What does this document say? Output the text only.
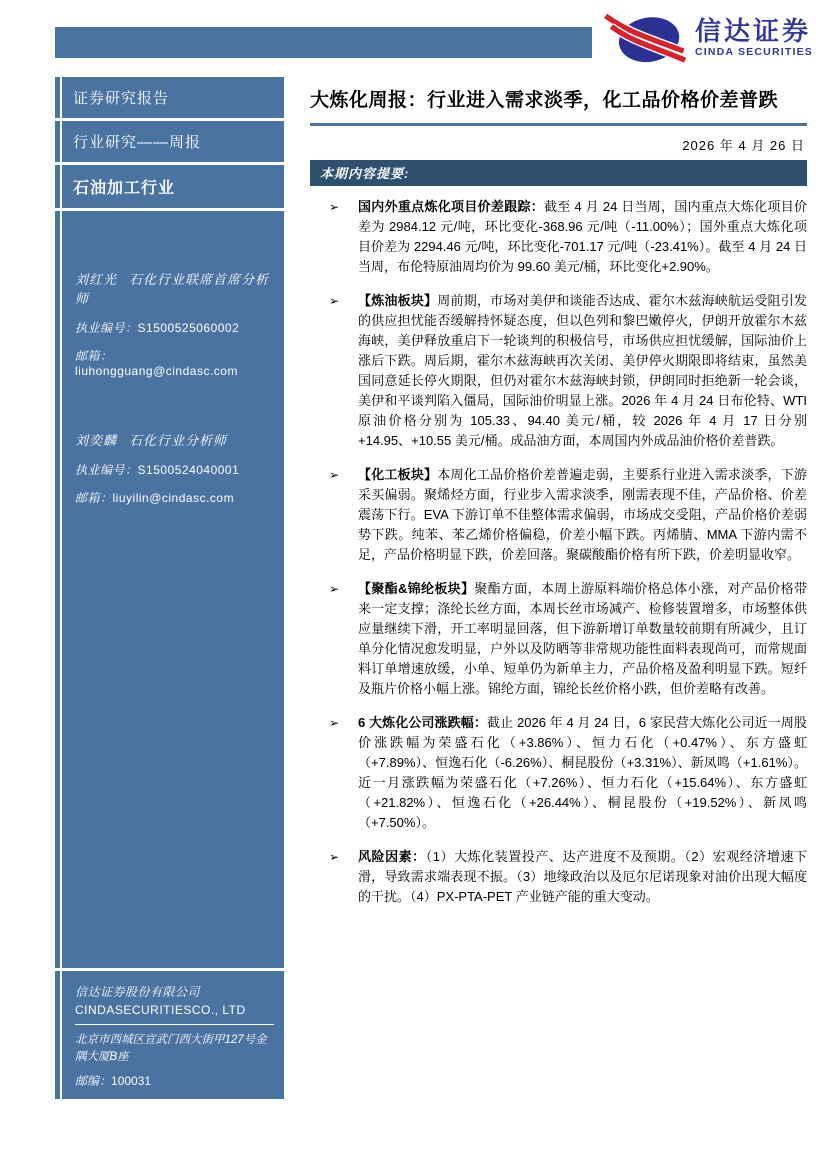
信达证券
CINDA SECURITIES
证券研究报告
行业研究——周报
石油加工行业
刘红光 石化行业联席首席分析师
执业编号：S1500525060002
邮箱：liuhongguang@cindasc.com
刘奕麟 石化行业分析师
执业编号：S1500524040001
邮箱：liuyilin@cindasc.com
信达证券股份有限公司
CINDASECURITIESCO., LTD
北京市西城区宣武门西大街甲127号金隅大厦B座
邮编：100031
大炼化周报：行业进入需求淡季，化工品价格价差普跌
2026 年 4 月 26 日
本期内容提要:
➢	国内外重点炼化项目价差跟踪：截至 4 月 24 日当周，国内重点大炼化项目价差为 2984.12 元/吨，环比变化-368.96 元/吨（-11.00%）；国外重点大炼化项目价差为 2294.46 元/吨，环比变化-701.17 元/吨（-23.41%）。截至 4 月 24 日当周，布伦特原油周均价为 99.60 美元/桶，环比变化+2.90%。

➢	【炼油板块】周前期，市场对美伊和谈能否达成、霍尔木兹海峡航运受阻引发的供应担忧能否缓解持怀疑态度，但以色列和黎巴嫩停火，伊朗开放霍尔木兹海峡，美伊释放重启下一轮谈判的积极信号，市场供应担忧缓解，国际油价上涨后下跌。周后期，霍尔木兹海峡再次关闭、美伊停火期限即将结束，虽然美国同意延长停火期限，但仍对霍尔木兹海峡封锁，伊朗同时拒绝新一轮会谈，美伊和平谈判陷入僵局，国际油价明显上涨。2026 年 4 月 24 日布伦特、WTI 原油价格分别为 105.33、94.40 美元/桶，较 2026 年 4 月 17 日分别+14.95、+10.55 美元/桶。成品油方面，本周国内外成品油价格价差普跌。

➢	【化工板块】本周化工品价格价差普遍走弱，主要系行业进入需求淡季，下游采买偏弱。聚烯烃方面，行业步入需求淡季，刚需表现不佳，产品价格、价差震荡下行。EVA 下游订单不佳整体需求偏弱，市场成交受阻，产品价格价差弱势下跌。纯苯、苯乙烯价格偏稳，价差小幅下跌。丙烯腈、MMA 下游内需不足，产品价格明显下跌，价差回落。聚碳酸酯价格有所下跌，价差明显收窄。

➢	【聚酯&锦纶板块】聚酯方面，本周上游原料端价格总体小涨，对产品价格带来一定支撑；涤纶长丝方面，本周长丝市场减产、检修装置增多，市场整体供应量继续下滑，开工率明显回落，但下游新增订单数量较前期有所减少，且订单分化情况愈发明显，户外以及防晒等非常规功能性面料表现尚可，而常规面料订单增速放缓，小单、短单仍为新单主力，产品价格及盈利明显下跌。短纤及瓶片价格小幅上涨。锦纶方面，锦纶长丝价格小跌，但价差略有改善。

➢	6 大炼化公司涨跌幅：截止 2026 年 4 月 24 日，6 家民营大炼化公司近一周股价涨跌幅为荣盛石化（+3.86%）、恒力石化（+0.47%）、东方盛虹（+7.89%）、恒逸石化（-6.26%）、桐昆股份（+3.31%）、新凤鸣（+1.61%）。近一月涨跌幅为荣盛石化（+7.26%）、恒力石化（+15.64%）、东方盛虹（+21.82%）、恒逸石化（+26.44%）、桐昆股份（+19.52%）、新凤鸣（+7.50%）。

➢	风险因素：（1）大炼化装置投产、达产进度不及预期。（2）宏观经济增速下滑，导致需求端表现不振。（3）地缘政治以及厄尔尼诺现象对油价出现大幅度的干扰。（4）PX-PTA-PET 产业链产能的重大变动。
